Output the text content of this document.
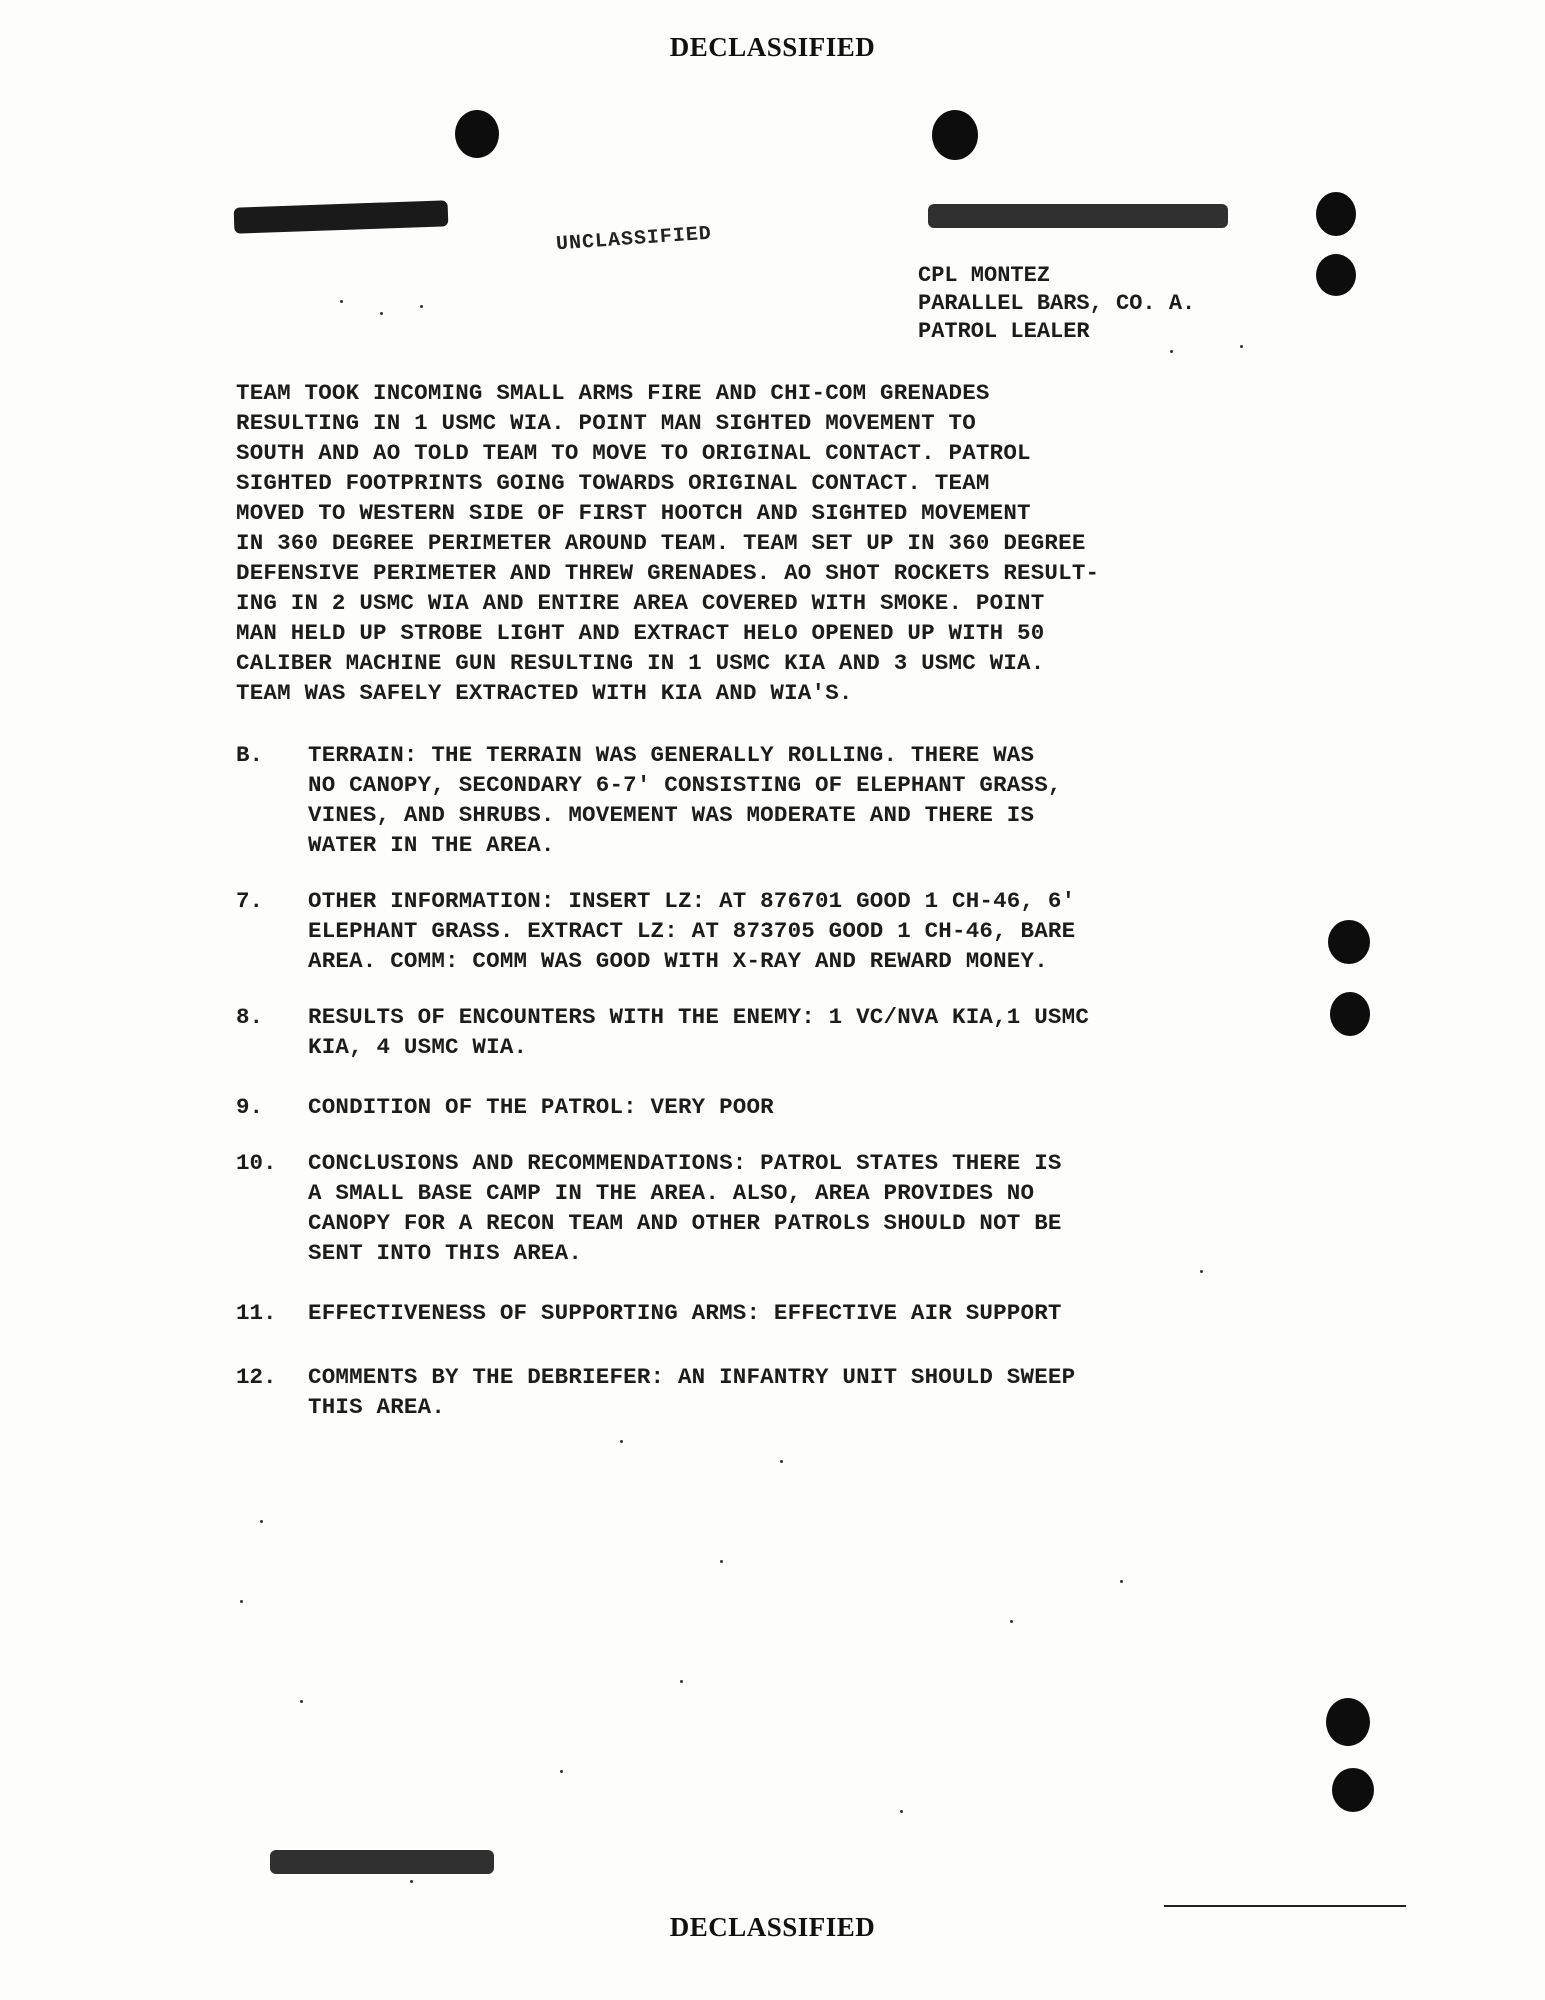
DECLASSIFIED
UNCLASSIFIED
CPL MONTEZ
PARALLEL BARS, CO. A.
PATROL LEALER
TEAM TOOK INCOMING SMALL ARMS FIRE AND CHI-COM GRENADES
RESULTING IN 1 USMC WIA. POINT MAN SIGHTED MOVEMENT TO
SOUTH AND AO TOLD TEAM TO MOVE TO ORIGINAL CONTACT. PATROL
SIGHTED FOOTPRINTS GOING TOWARDS ORIGINAL CONTACT. TEAM
MOVED TO WESTERN SIDE OF FIRST HOOTCH AND SIGHTED MOVEMENT
IN 360 DEGREE PERIMETER AROUND TEAM. TEAM SET UP IN 360 DEGREE
DEFENSIVE PERIMETER AND THREW GRENADES. AO SHOT ROCKETS RESULT-
ING IN 2 USMC WIA AND ENTIRE AREA COVERED WITH SMOKE. POINT
MAN HELD UP STROBE LIGHT AND EXTRACT HELO OPENED UP WITH 50
CALIBER MACHINE GUN RESULTING IN 1 USMC KIA AND 3 USMC WIA.
TEAM WAS SAFELY EXTRACTED WITH KIA AND WIA'S.
B.	TERRAIN: THE TERRAIN WAS GENERALLY ROLLING. THERE WAS
NO CANOPY, SECONDARY 6-7' CONSISTING OF ELEPHANT GRASS,
VINES, AND SHRUBS. MOVEMENT WAS MODERATE AND THERE IS
WATER IN THE AREA.
7.	OTHER INFORMATION: INSERT LZ: AT 876701 GOOD 1 CH-46, 6'
ELEPHANT GRASS. EXTRACT LZ: AT 873705 GOOD 1 CH-46, BARE
AREA. COMM: COMM WAS GOOD WITH X-RAY AND REWARD MONEY.
8.	RESULTS OF ENCOUNTERS WITH THE ENEMY: 1 VC/NVA KIA,1 USMC
KIA, 4 USMC WIA.
9.	CONDITION OF THE PATROL: VERY POOR
10.	CONCLUSIONS AND RECOMMENDATIONS: PATROL STATES THERE IS
A SMALL BASE CAMP IN THE AREA. ALSO, AREA PROVIDES NO
CANOPY FOR A RECON TEAM AND OTHER PATROLS SHOULD NOT BE
SENT INTO THIS AREA.
11.	EFFECTIVENESS OF SUPPORTING ARMS: EFFECTIVE AIR SUPPORT
12.	COMMENTS BY THE DEBRIEFER: AN INFANTRY UNIT SHOULD SWEEP
THIS AREA.
DECLASSIFIED
